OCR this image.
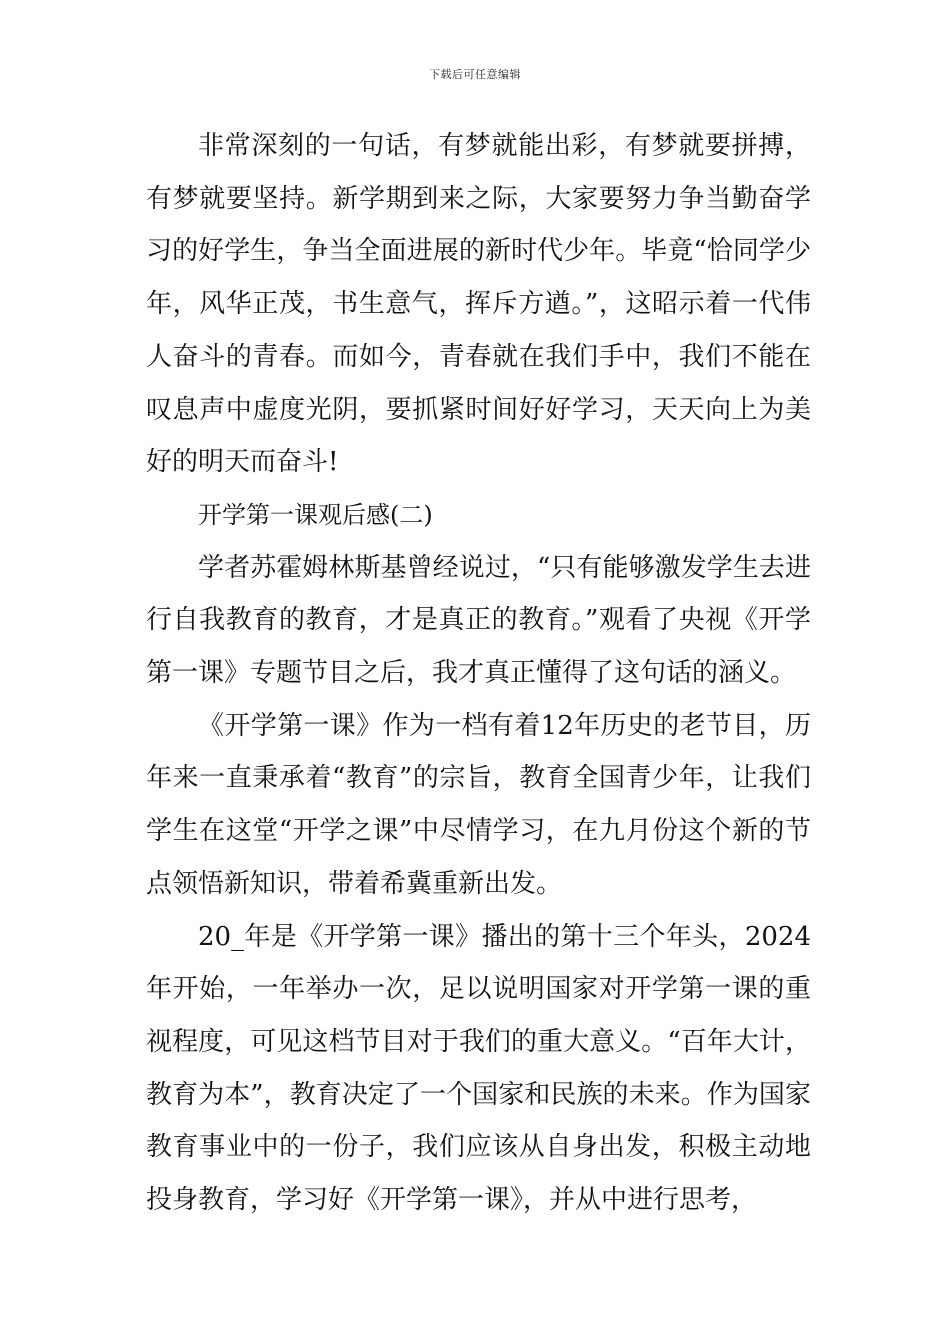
下载后可任意编辑

非常深刻的一句话，有梦就能出彩，有梦就要拼搏，有梦就要坚持。新学期到来之际，大家要努力争当勤奋学习的好学生，争当全面进展的新时代少年。毕竟“恰同学少年，风华正茂，书生意气，挥斥方遒。”，这昭示着一代伟人奋斗的青春。而如今，青春就在我们手中，我们不能在叹息声中虚度光阴，要抓紧时间好好学习，天天向上为美好的明天而奋斗!

开学第一课观后感(二)

学者苏霍姆林斯基曾经说过，“只有能够激发学生去进行自我教育的教育，才是真正的教育。”观看了央视《开学第一课》专题节目之后，我才真正懂得了这句话的涵义。

《开学第一课》作为一档有着12年历史的老节目，历年来一直秉承着“教育”的宗旨，教育全国青少年，让我们学生在这堂“开学之课”中尽情学习，在九月份这个新的节点领悟新知识，带着希冀重新出发。

20_年是《开学第一课》播出的第十三个年头，2024年开始，一年举办一次，足以说明国家对开学第一课的重视程度，可见这档节目对于我们的重大意义。“百年大计，教育为本”，教育决定了一个国家和民族的未来。作为国家教育事业中的一份子，我们应该从自身出发，积极主动地投身教育，学习好《开学第一课》，并从中进行思考，
